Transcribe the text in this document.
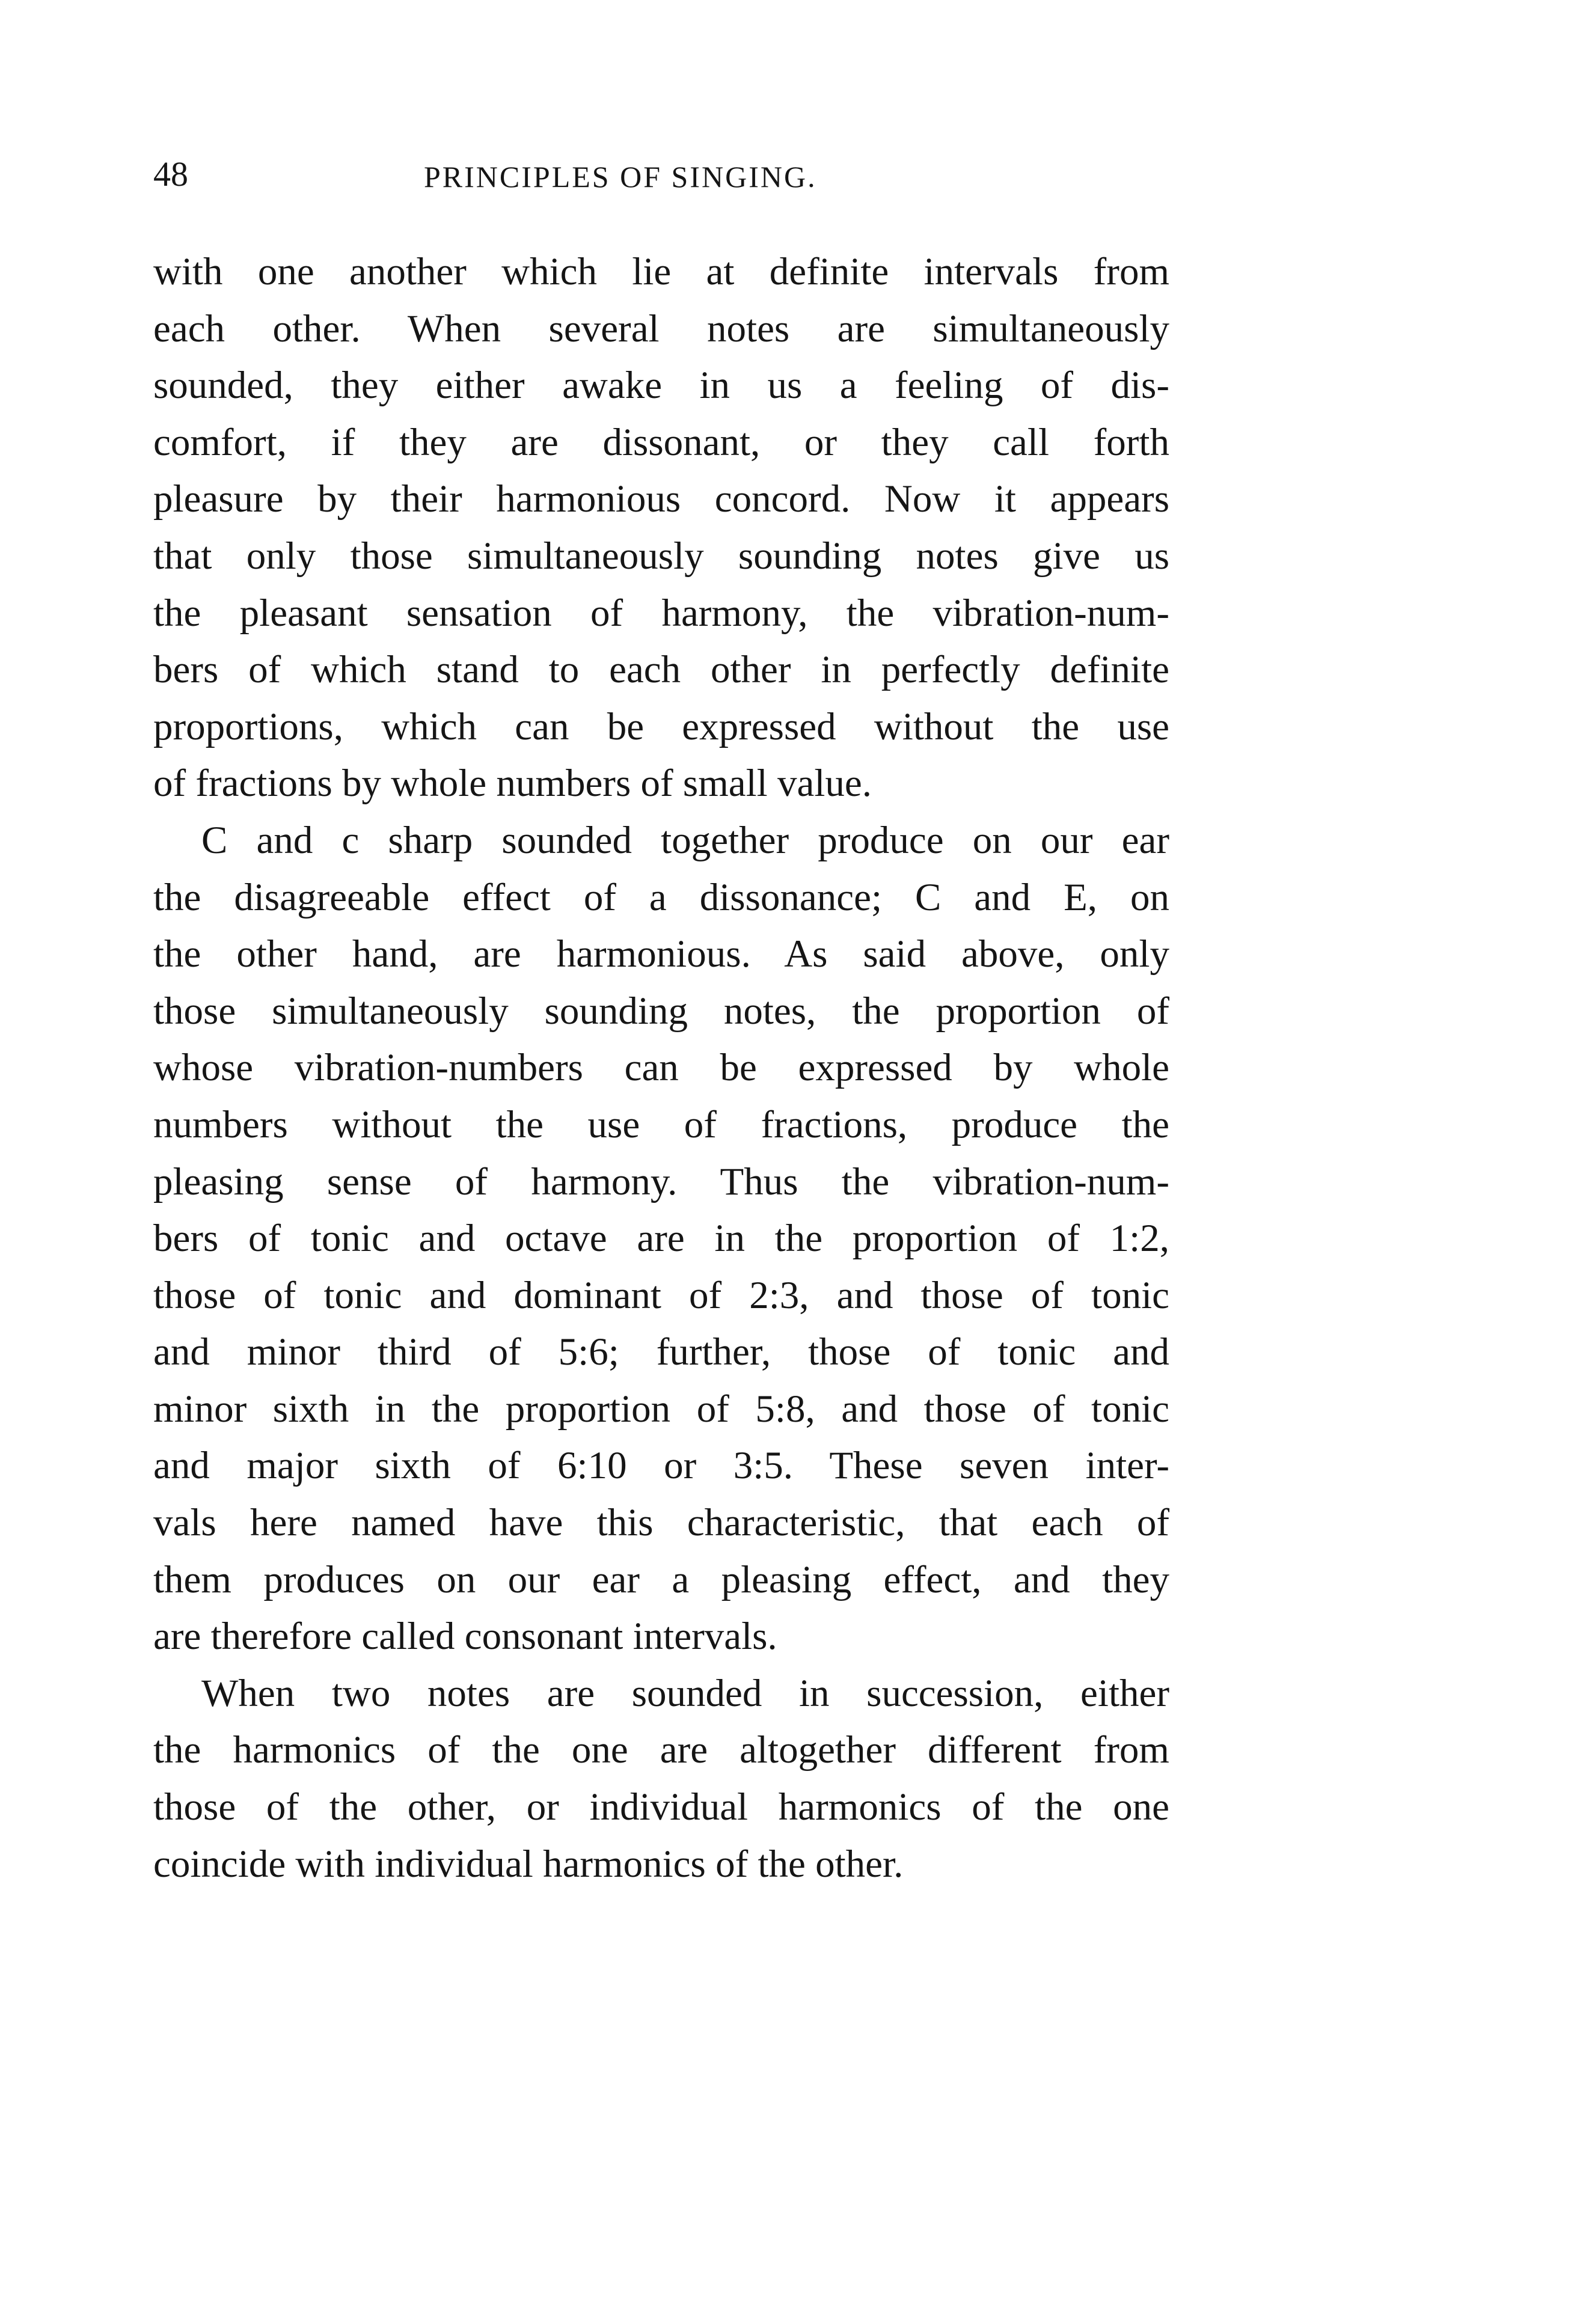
48	PRINCIPLES OF SINGING.

with one another which lie at definite intervals from
each other. When several notes are simultaneously
sounded, they either awake in us a feeling of dis-
comfort, if they are dissonant, or they call forth
pleasure by their harmonious concord. Now it appears
that only those simultaneously sounding notes give us
the pleasant sensation of harmony, the vibration-num-
bers of which stand to each other in perfectly definite
proportions, which can be expressed without the use
of fractions by whole numbers of small value.

C and c sharp sounded together produce on our ear
the disagreeable effect of a dissonance; C and E, on
the other hand, are harmonious. As said above, only
those simultaneously sounding notes, the proportion of
whose vibration-numbers can be expressed by whole
numbers without the use of fractions, produce the
pleasing sense of harmony. Thus the vibration-num-
bers of tonic and octave are in the proportion of 1:2,
those of tonic and dominant of 2:3, and those of tonic
and minor third of 5:6; further, those of tonic and
minor sixth in the proportion of 5:8, and those of tonic
and major sixth of 6:10 or 3:5. These seven inter-
vals here named have this characteristic, that each of
them produces on our ear a pleasing effect, and they
are therefore called consonant intervals.

When two notes are sounded in succession, either
the harmonics of the one are altogether different from
those of the other, or individual harmonics of the one
coincide with individual harmonics of the other.
